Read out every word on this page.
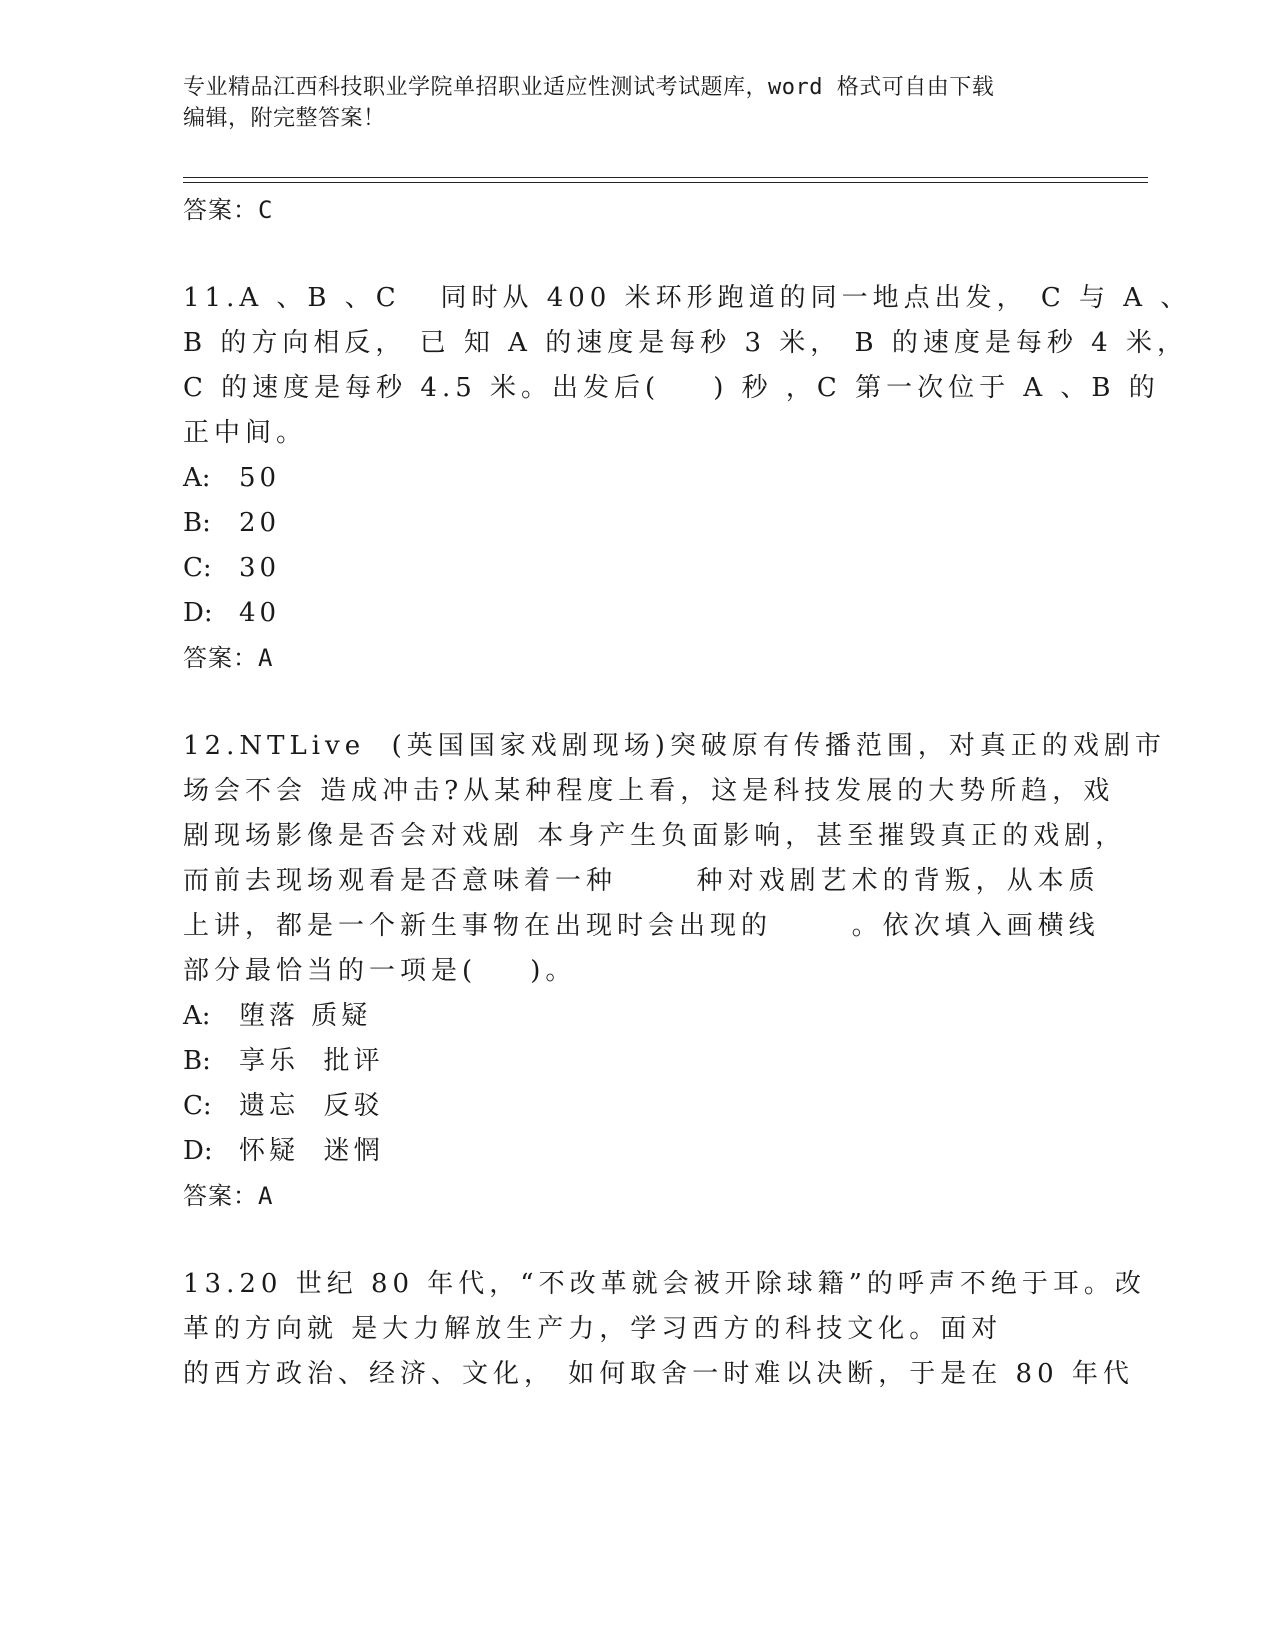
专业精品江西科技职业学院单招职业适应性测试考试题库，word 格式可自由下载
编辑，附完整答案！
答案：C

11.A 、B 、C   同时从 400 米环形跑道的同一地点出发， C 与 A 、

B 的方向相反， 已 知 A 的速度是每秒 3 米， B 的速度是每秒 4 米，

C 的速度是每秒 4.5 米。出发后(    ) 秒 ，C 第一次位于 A 、B 的

正中间。

A: 50
B: 20
C: 30
D: 40
答案：A

12.NTLive  (英国国家戏剧现场)突破原有传播范围，对真正的戏剧市

场会不会 造成冲击?从某种程度上看，这是科技发展的大势所趋，戏

剧现场影像是否会对戏剧 本身产生负面影响，甚至摧毁真正的戏剧，

而前去现场观看是否意味着一种      种对戏剧艺术的背叛，从本质

上讲，都是一个新生事物在出现时会出现的      。依次填入画横线

部分最恰当的一项是(    )。

A: 堕落 质疑
B: 享乐  批评
C: 遗忘  反驳
D: 怀疑  迷惘
答案：A

13.20 世纪 80 年代，“不改革就会被开除球籍”的呼声不绝于耳。改

革的方向就 是大力解放生产力，学习西方的科技文化。面对

的西方政治、经济、文化， 如何取舍一时难以决断，于是在 80 年代
